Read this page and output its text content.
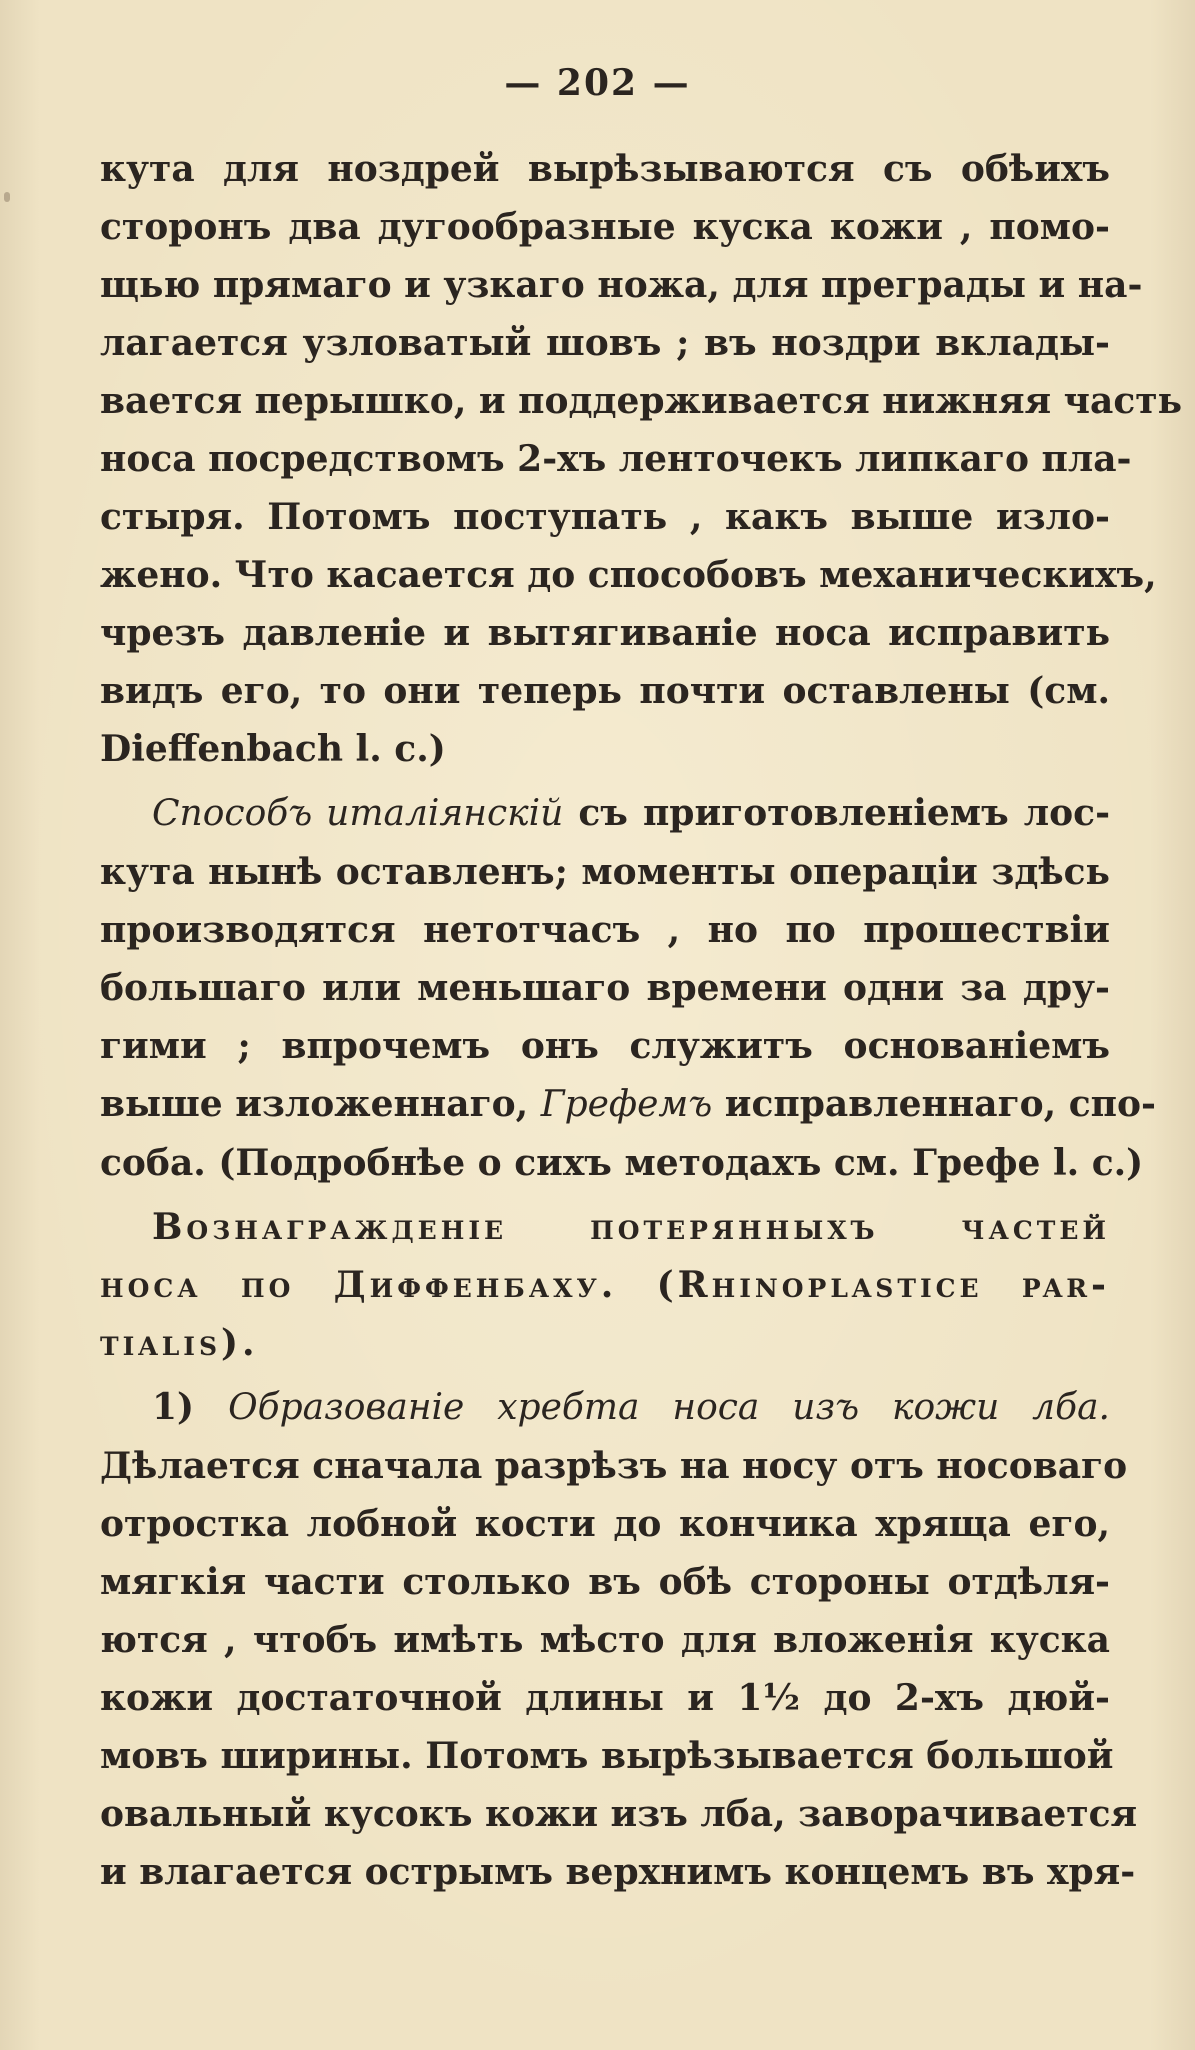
— 202 —
кута для ноздрей вырѣзываются съ обѣихъ
сторонъ два дугообразные куска кожи , помо-
щью прямаго и узкаго ножа, для преграды и на-
лагается узловатый шовъ ; въ ноздри вклады-
вается перышко, и поддерживается нижняя часть
носа посредствомъ 2-хъ ленточекъ липкаго пла-
стыря. Потомъ поступать , какъ выше изло-
жено. Что касается до способовъ механическихъ,
чрезъ давленіе и вытягиваніе носа исправить
видъ его, то они теперь почти оставлены (см.
Dieffenbach l. c.)
Способъ италіянскій съ приготовленіемъ лос-
кута нынѣ оставленъ; моменты операціи здѣсь
производятся нетотчасъ , но по прошествіи
большаго или меньшаго времени одни за дру-
гими ; впрочемъ онъ служитъ основаніемъ
выше изложеннаго, Грефемъ исправленнаго, спо-
соба. (Подробнѣе о сихъ методахъ см. Грефе l. c.)
Вознагражденіе потерянныхъ частей
носа по Диффенбаху. (Rhinoplastice par-
tialis).
1) Образованіе хребта носа изъ кожи лба.
Дѣлается сначала разрѣзъ на носу отъ носоваго
отростка лобной кости до кончика хряща его,
мягкія части столько въ обѣ стороны отдѣля-
ются , чтобъ имѣть мѣсто для вложенія куска
кожи достаточной длины и 1½ до 2-хъ дюй-
мовъ ширины. Потомъ вырѣзывается большой
овальный кусокъ кожи изъ лба, заворачивается
и влагается острымъ верхнимъ концемъ въ хря-
